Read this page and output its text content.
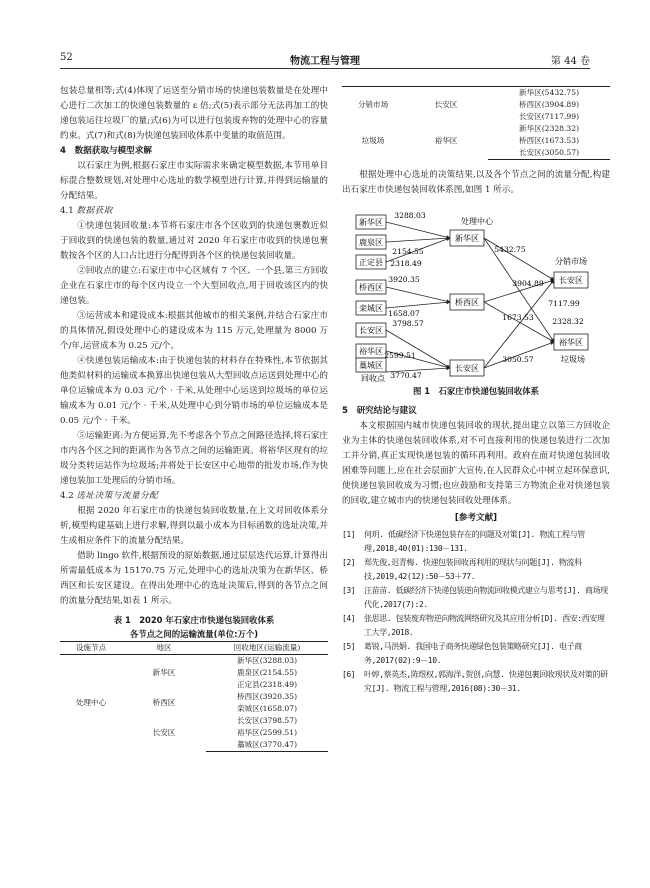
52	物流工程与管理	第 44 卷

包装总量相等;式(4)体现了运送至分销市场的快递包装数量是在处理中心进行二次加工的快递包装数量的 ε 倍;式(5)表示部分无法再加工的快递包装运往垃圾厂的量;式(6)为可以进行包装废弃物的处理中心的容量约束。式(7)和式(8)为快递包装回收体系中变量的取值范围。

4　数据获取与模型求解

以石家庄为例,根据石家庄市实际需求来确定模型数据,本节用单目标混合整数规划,对处理中心选址的数学模型进行计算,并得到运输量的分配结果。

4.1 数据获取

①快递包装回收量:本节将石家庄市各个区收到的快递包裹数近似于回收到的快递包装的数量,通过对 2020 年石家庄市收到的快递包裹数按各个区的人口占比进行分配得到各个区的快递包装回收量。

②回收点的建立:石家庄市中心区域有 7 个区、一个县,第三方回收企业在石家庄市的每个区内设立一个大型回收点,用于回收该区内的快递包装。

③运营成本和建设成本:根据其他城市的相关案例,并结合石家庄市的具体情况,假设处理中心的建设成本为 115 万元,处理量为 8000 万个/年,运营成本为 0.25 元/个。

④快递包装运输成本:由于快递包装的材料存在特殊性,本节依据其他类似材料的运输成本换算出快递包装从大型回收点运送到处理中心的单位运输成本为 0.03 元/个 · 千米,从处理中心运送到垃圾场的单位运输成本为 0.01 元/个 · 千米,从处理中心到分销市场的单位运输成本是 0.05 元/个 · 千米。

⑤运输距离:为方便运算,先不考虑各个节点之间路径选择,将石家庄市内各个区之间的距离作为各节点之间的运输距离。将裕华区现有的垃圾分类转运站作为垃圾场;并将处于长安区中心地带的批发市场,作为快递包装加工处理后的分销市场。

4.2 选址决策与流量分配

根据 2020 年石家庄市的快递包装回收数量,在上文对回收体系分析,模型构建基础上进行求解,得到以最小成本为目标函数的选址决策,并生成相应条件下的流量分配结果。

借助 lingo 软件,根据预设的原始数据,通过层层迭代运算,计算得出所需最低成本为 15170.75 万元,处理中心的选址决策为在新华区、桥西区和长安区建设。在得出处理中心的选址决策后,得到的各节点之间的流量分配结果,如表 1 所示。

表 1　2020 年石家庄市快递包装回收体系
各节点之间的运输流量(单位:万个)
设施节点	地区	回收地区(运输流量)
处理中心	新华区	新华区(3288.03)
		鹿泉区(2154.55)
		正定县(2318.49)
	桥西区	桥西区(3920.35)
		栾城区(1658.07)
	长安区	长安区(3798.57)
		裕华区(2599.51)
		藁城区(3770.47)
分销市场	长安区	新华区(5432.75)
		桥西区(3904.89)
		长安区(7117.99)
垃圾场	裕华区	新华区(2328.32)
		桥西区(1673.53)
		长安区(3050.57)

根据处理中心选址的决策结果,以及各个节点之间的流量分配,构建出石家庄市快递包装回收体系图,如图 1 所示。

新华区
鹿泉区
正定县
桥西区
栾城区
长安区
裕华区
藁城区
新华区
桥西区
长安区
长安区
裕华区
3288.03
2154.55
2318.49
3920.35
1658.07
3798.57
2599.51
3770.47
5432.75
3904.89
7117.99
2328.32
1673.53
3050.57
处理中心
分销市场
垃圾场
回收点
图 1　石家庄市快递包装回收体系
5　研究结论与建议

本文根据国内城市快递包装回收的现状,提出建立以第三方回收企业为主体的快递包装回收体系,对不可直接利用的快递包装进行二次加工并分销,真正实现快递包装的循环再利用。政府在面对快递包装回收困难等问题上,应在社会层面扩大宣传,在人民群众心中树立起环保意识,使快递包装回收成为习惯;也应鼓励和支持第三方物流企业对快递包装的回收,建立城市内的快递包装回收处理体系。

[参考文献]
[1]	何玥. 低碳经济下快递包装存在的问题及对策[J]. 物流工程与管理,2018,40(01):130－131.
[2]	郑先俊,迟青梅. 快递包装回收再利用的现状与问题[J]. 物流科技,2019,42(12):50－53＋77.
[3]	汪苗苗. 低碳经济下快递包装逆向物流回收模式建立与思考[J]. 商场现代化,2017(7):2.
[4]	张思思. 包装废弃物逆向物流网络研究及其应用分析[D]. 西安:西安理工大学,2018.
[5]	葛锐,马洪娟. 我国电子商务快递绿色包装策略研究[J]. 电子商务,2017(02):9－10.
[6]	叶婷,蔡英杰,陈煜权,郭海洋,贺创,向慧. 快递包裹回收现状及对策的研究[J]. 物流工程与管理,2016(08):30－31.
